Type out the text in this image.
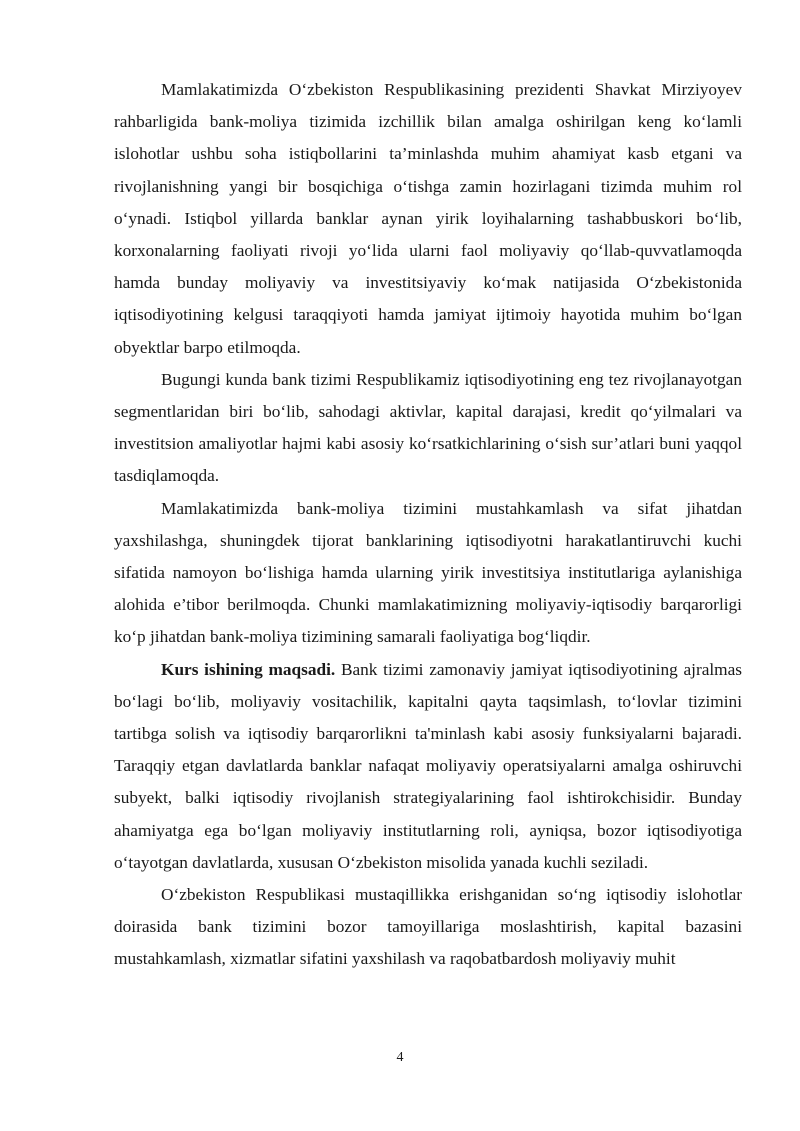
Mamlakatimizda O‘zbekiston Respublikasining prezidenti Shavkat Mirziyoyev rahbarligida bank-moliya tizimida izchillik bilan amalga oshirilgan keng ko‘lamli islohotlar ushbu soha istiqbollarini ta’minlashda muhim ahamiyat kasb etgani va rivojlanishning yangi bir bosqichiga o‘tishga zamin hozirlagani tizimda muhim rol o‘ynadi. Istiqbol yillarda banklar aynan yirik loyihalarning tashabbuskori bo‘lib, korxonalarning faoliyati rivoji yo‘lida ularni faol moliyaviy qo‘llab-quvvatlamoqda hamda bunday moliyaviy va investitsiyaviy ko‘mak natijasida O‘zbekistonida iqtisodiyotining kelgusi taraqqiyoti hamda jamiyat ijtimoiy hayotida muhim bo‘lgan obyektlar barpo etilmoqda.

Bugungi kunda bank tizimi Respublikamiz iqtisodiyotining eng tez rivojlanayotgan segmentlaridan biri bo‘lib, sahodagi aktivlar, kapital darajasi, kredit qo‘yilmalari va investitsion amaliyotlar hajmi kabi asosiy ko‘rsatkichlarining o‘sish sur’atlari buni yaqqol tasdiqlamoqda.

Mamlakatimizda bank-moliya tizimini mustahkamlash va sifat jihatdan yaxshilashga, shuningdek tijorat banklarining iqtisodiyotni harakatlantiruvchi kuchi sifatida namoyon bo‘lishiga hamda ularning yirik investitsiya institutlariga aylanishiga alohida e’tibor berilmoqda. Chunki mamlakatimizning moliyaviy-iqtisodiy barqarorligi ko‘p jihatdan bank-moliya tizimining samarali faoliyatiga bog‘liqdir.

Kurs ishining maqsadi. Bank tizimi zamonaviy jamiyat iqtisodiyotining ajralmas bo‘lagi bo‘lib, moliyaviy vositachilik, kapitalni qayta taqsimlash, to‘lovlar tizimini tartibga solish va iqtisodiy barqarorlikni ta'minlash kabi asosiy funksiyalarni bajaradi. Taraqqiy etgan davlatlarda banklar nafaqat moliyaviy operatsiyalarni amalga oshiruvchi subyekt, balki iqtisodiy rivojlanish strategiyalarining faol ishtirokchisidir. Bunday ahamiyatga ega bo‘lgan moliyaviy institutlarning roli, ayniqsa, bozor iqtisodiyotiga o‘tayotgan davlatlarda, xususan O‘zbekiston misolida yanada kuchli seziladi.

O‘zbekiston Respublikasi mustaqillikka erishganidan so‘ng iqtisodiy islohotlar doirasida bank tizimini bozor tamoyillariga moslashtirish, kapital bazasini mustahkamlash, xizmatlar sifatini yaxshilash va raqobatbardosh moliyaviy muhit

4
